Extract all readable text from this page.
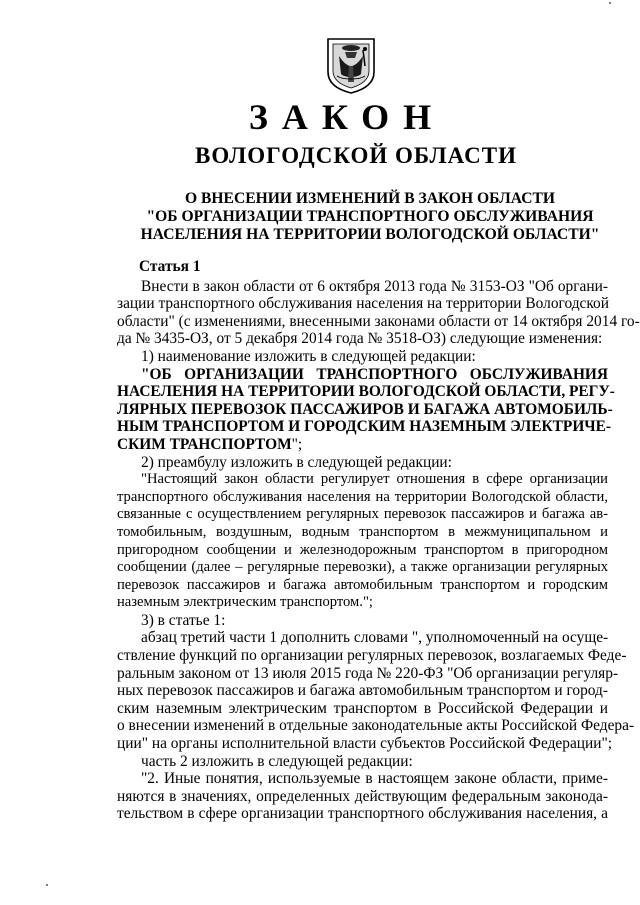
ЗАКОН
ВОЛОГОДСКОЙ ОБЛАСТИ
О ВНЕСЕНИИ ИЗМЕНЕНИЙ В ЗАКОН ОБЛАСТИ
"ОБ ОРГАНИЗАЦИИ ТРАНСПОРТНОГО ОБСЛУЖИВАНИЯ
НАСЕЛЕНИЯ НА ТЕРРИТОРИИ ВОЛОГОДСКОЙ ОБЛАСТИ"
Статья 1
Внести в закон области от 6 октября 2013 года № 3153-ОЗ "Об органи-
зации транспортного обслуживания населения на территории Вологодской
области" (с изменениями, внесенными законами области от 14 октября 2014 го-
да № 3435-ОЗ, от 5 декабря 2014 года № 3518-ОЗ) следующие изменения:
1) наименование изложить в следующей редакции:
"ОБ ОРГАНИЗАЦИИ ТРАНСПОРТНОГО ОБСЛУЖИВАНИЯ
НАСЕЛЕНИЯ НА ТЕРРИТОРИИ ВОЛОГОДСКОЙ ОБЛАСТИ, РЕГУ-
ЛЯРНЫХ ПЕРЕВОЗОК ПАССАЖИРОВ И БАГАЖА АВТОМОБИЛЬ-
НЫМ ТРАНСПОРТОМ И ГОРОДСКИМ НАЗЕМНЫМ ЭЛЕКТРИЧЕ-
СКИМ ТРАНСПОРТОМ";
2) преамбулу изложить в следующей редакции:
"Настоящий закон области регулирует отношения в сфере организации
транспортного обслуживания населения на территории Вологодской области,
связанные с осуществлением регулярных перевозок пассажиров и багажа ав-
томобильным, воздушным, водным транспортом в межмуниципальном и
пригородном сообщении и железнодорожным транспортом в пригородном
сообщении (далее – регулярные перевозки), а также организации регулярных
перевозок пассажиров и багажа автомобильным транспортом и городским
наземным электрическим транспортом.";
3) в статье 1:
абзац третий части 1 дополнить словами ", уполномоченный на осуще-
ствление функций по организации регулярных перевозок, возлагаемых Феде-
ральным законом от 13 июля 2015 года № 220-ФЗ "Об организации регуляр-
ных перевозок пассажиров и багажа автомобильным транспортом и город-
ским наземным электрическим транспортом в Российской Федерации и
о внесении изменений в отдельные законодательные акты Российской Федера-
ции" на органы исполнительной власти субъектов Российской Федерации";
часть 2 изложить в следующей редакции:
"2. Иные понятия, используемые в настоящем законе области, приме-
няются в значениях, определенных действующим федеральным законода-
тельством в сфере организации транспортного обслуживания населения, а
